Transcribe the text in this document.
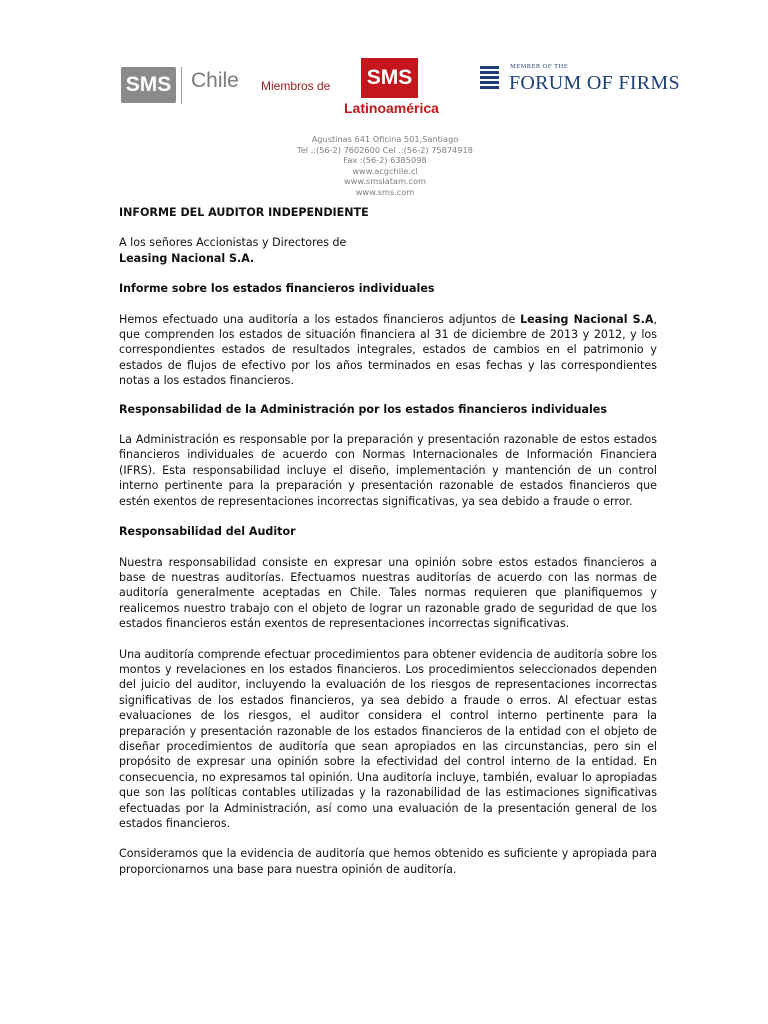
SMS Chile Miembros de SMS
Latinoamérica
MEMBER OF THE
FORUM OF FIRMS
Agustinas 641 Oficina 501,Santiago
Tel .:(56-2) 7602600 Cel .:(56-2) 75874918
Fax :(56-2) 6385098
www.acgchile.cl
www.smslatam.com
www.sms.com

INFORME DEL AUDITOR INDEPENDIENTE

A los señores Accionistas y Directores de

Leasing Nacional S.A.

Informe sobre los estados financieros individuales

Hemos efectuado una auditoría a los estados financieros adjuntos de Leasing Nacional S.A, que comprenden los estados de situación financiera al 31 de diciembre de 2013 y 2012, y los correspondientes estados de resultados integrales, estados de cambios en el patrimonio y estados de flujos de efectivo por los años terminados en esas fechas y las correspondientes notas a los estados financieros.

Responsabilidad de la Administración por los estados financieros individuales

La Administración es responsable por la preparación y presentación razonable de estos estados financieros individuales de acuerdo con Normas Internacionales de Información Financiera (IFRS). Esta responsabilidad incluye el diseño, implementación y mantención de un control interno pertinente para la preparación y presentación razonable de estados financieros que estén exentos de representaciones incorrectas significativas, ya sea debido a fraude o error.

Responsabilidad del Auditor

Nuestra responsabilidad consiste en expresar una opinión sobre estos estados financieros a base de nuestras auditorías. Efectuamos nuestras auditorías de acuerdo con las normas de auditoría generalmente aceptadas en Chile. Tales normas requieren que planifiquemos y realicemos nuestro trabajo con el objeto de lograr un razonable grado de seguridad de que los estados financieros están exentos de representaciones incorrectas significativas.

Una auditoría comprende efectuar procedimientos para obtener evidencia de auditoría sobre los montos y revelaciones en los estados financieros. Los procedimientos seleccionados dependen del juicio del auditor, incluyendo la evaluación de los riesgos de representaciones incorrectas significativas de los estados financieros, ya sea debido a fraude o erros. Al efectuar estas evaluaciones de los riesgos, el auditor considera el control interno pertinente para la preparación y presentación razonable de los estados financieros de la entidad con el objeto de diseñar procedimientos de auditoría que sean apropiados en las circunstancias, pero sin el propósito de expresar una opinión sobre la efectividad del control interno de la entidad. En consecuencia, no expresamos tal opinión. Una auditoría incluye, también, evaluar lo apropiadas que son las políticas contables utilizadas y la razonabilidad de las estimaciones significativas efectuadas por la Administración, así como una evaluación de la presentación general de los estados financieros.

Consideramos que la evidencia de auditoría que hemos obtenido es suficiente y apropiada para proporcionarnos una base para nuestra opinión de auditoría.
